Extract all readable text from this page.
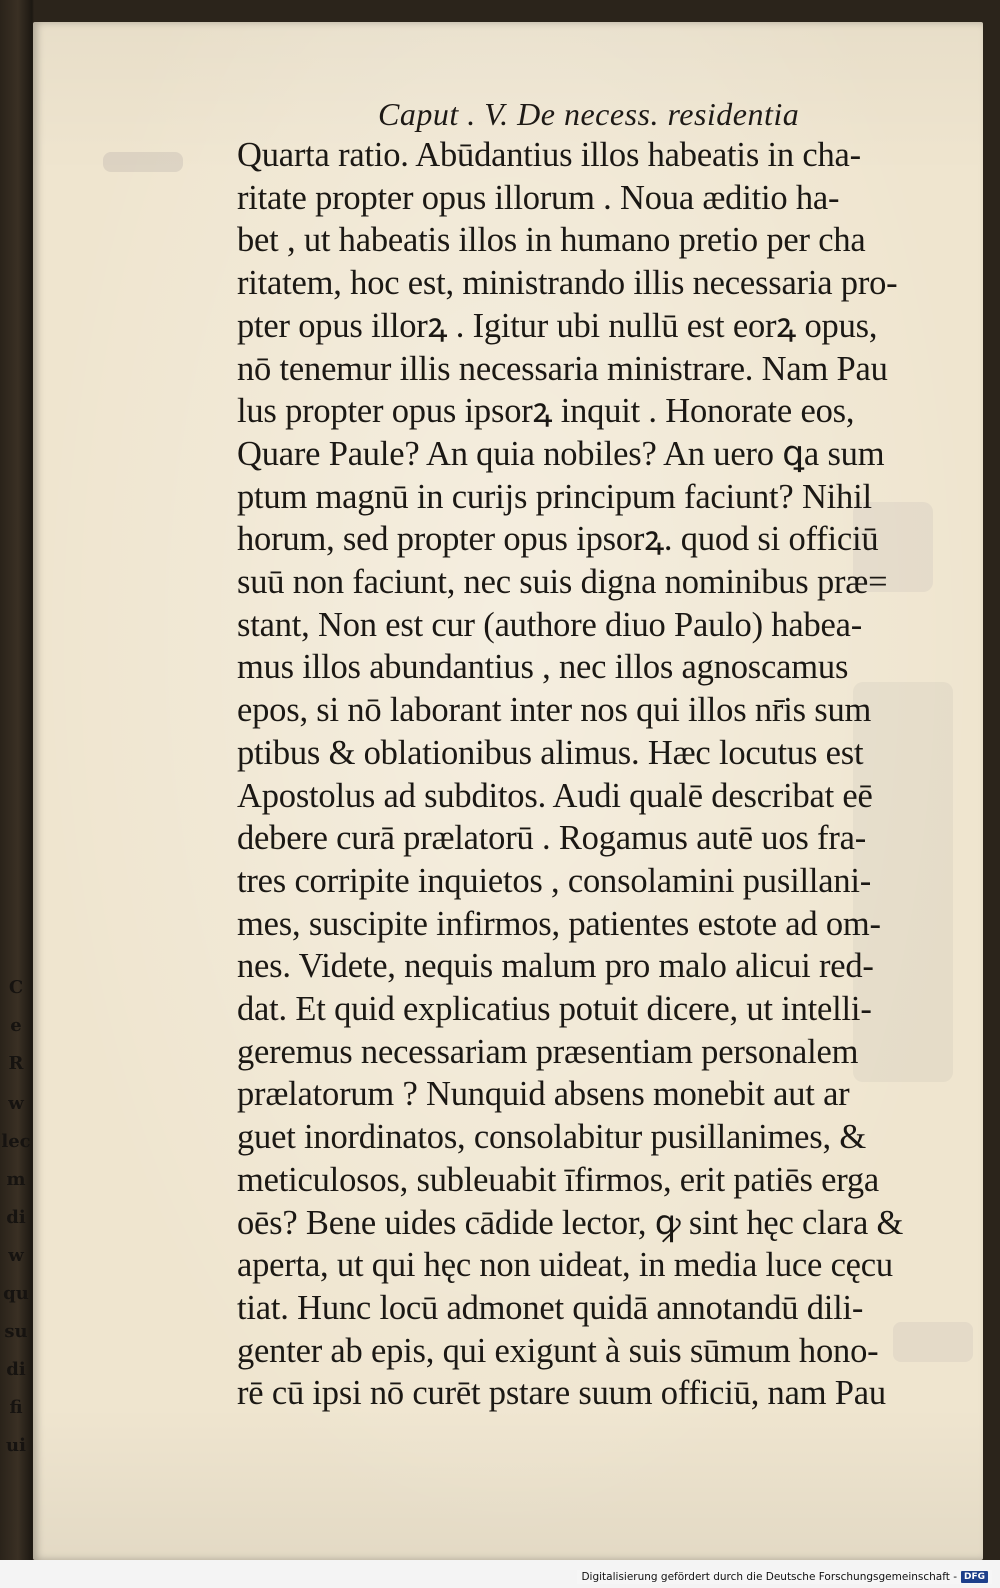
Caput . V. De necess. residentia
Quarta ratio. Abūdantius illos habeatis in cha-
ritate propter opus illorum . Noua æditio ha-
bet , ut habeatis illos in humano pretio per cha
ritatem, hoc est, ministrando illis necessaria pro-
pter opus illorꝝ . Igitur ubi nullū est eorꝝ opus,
nō tenemur illis necessaria ministrare. Nam Pau
lus propter opus ipsorꝝ inquit . Honorate eos,
Quare Paule? An quia nobiles? An uero ꝗa sum
ptum magnū in curijs principum faciunt? Nihil
horum, sed propter opus ipsorꝝ. quod si officiū
suū non faciunt, nec suis digna nominibus præ=
stant, Non est cur (authore diuo Paulo) habea-
mus illos abundantius , nec illos agnoscamus
epos, si nō laborant inter nos qui illos nr̄is sum
ptibus & oblationibus alimus. Hæc locutus est
Apostolus ad subditos. Audi qualē describat eē
debere curā prælatorū . Rogamus autē uos fra-
tres corripite inquietos , consolamini pusillani-
mes, suscipite infirmos, patientes estote ad om-
nes. Videte, nequis malum pro malo alicui red-
dat. Et quid explicatius potuit dicere, ut intelli-
geremus necessariam præsentiam personalem
prælatorum ? Nunquid absens monebit aut ar
guet inordinatos, consolabitur pusillanimes, &
meticulosos, subleuabit īfirmos, erit patiēs erga
oēs? Bene uides cādide lector, ꝙ sint hęc clara &
aperta, ut qui hęc non uideat, in media luce cęcu
tiat. Hunc locū admonet quidā annotandū dili-
genter ab epis, qui exigunt à suis sūmum hono-
rē cū ipsi nō curēt pstare suum officiū, nam Pau
C
e
R
w
lec
m
di
w
qu
su
di
fi
ui
Digitalisierung gefördert durch die Deutsche Forschungsgemeinschaft - DFG
